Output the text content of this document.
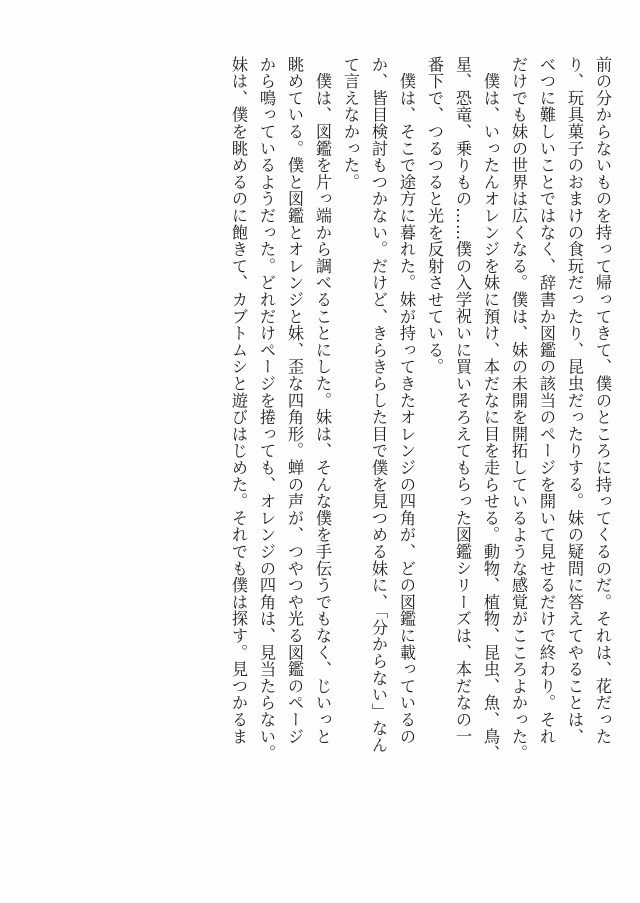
前の分からないものを持って帰ってきて、僕のところに持ってくるのだ。それは、花だった
り、玩具菓子のおまけの食玩だったり、昆虫だったりする。妹の疑問に答えてやることは、
べつに難しいことではなく、辞書か図鑑の該当のページを開いて見せるだけで終わり。それ
だけでも妹の世界は広くなる。僕は、妹の未開を開拓しているような感覚がこころよかった。
　僕は、いったんオレンジを妹に預け、本だなに目を走らせる。動物、植物、昆虫、魚、鳥、
星、恐竜、乗りもの……僕の入学祝いに買いそろえてもらった図鑑シリーズは、本だなの一
番下で、つるつると光を反射させている。
　僕は、そこで途方に暮れた。妹が持ってきたオレンジの四角が、どの図鑑に載っているの
か、皆目検討もつかない。だけど、きらきらした目で僕を見つめる妹に、「分からない」なん
て言えなかった。
　僕は、図鑑を片っ端から調べることにした。妹は、そんな僕を手伝うでもなく、じいっと
眺めている。僕と図鑑とオレンジと妹、歪な四角形。蝉の声が、つやつや光る図鑑のページ
から鳴っているようだった。どれだけページを捲っても、オレンジの四角は、見当たらない。
妹は、僕を眺めるのに飽きて、カブトムシと遊びはじめた。それでも僕は探す。見つかるま
